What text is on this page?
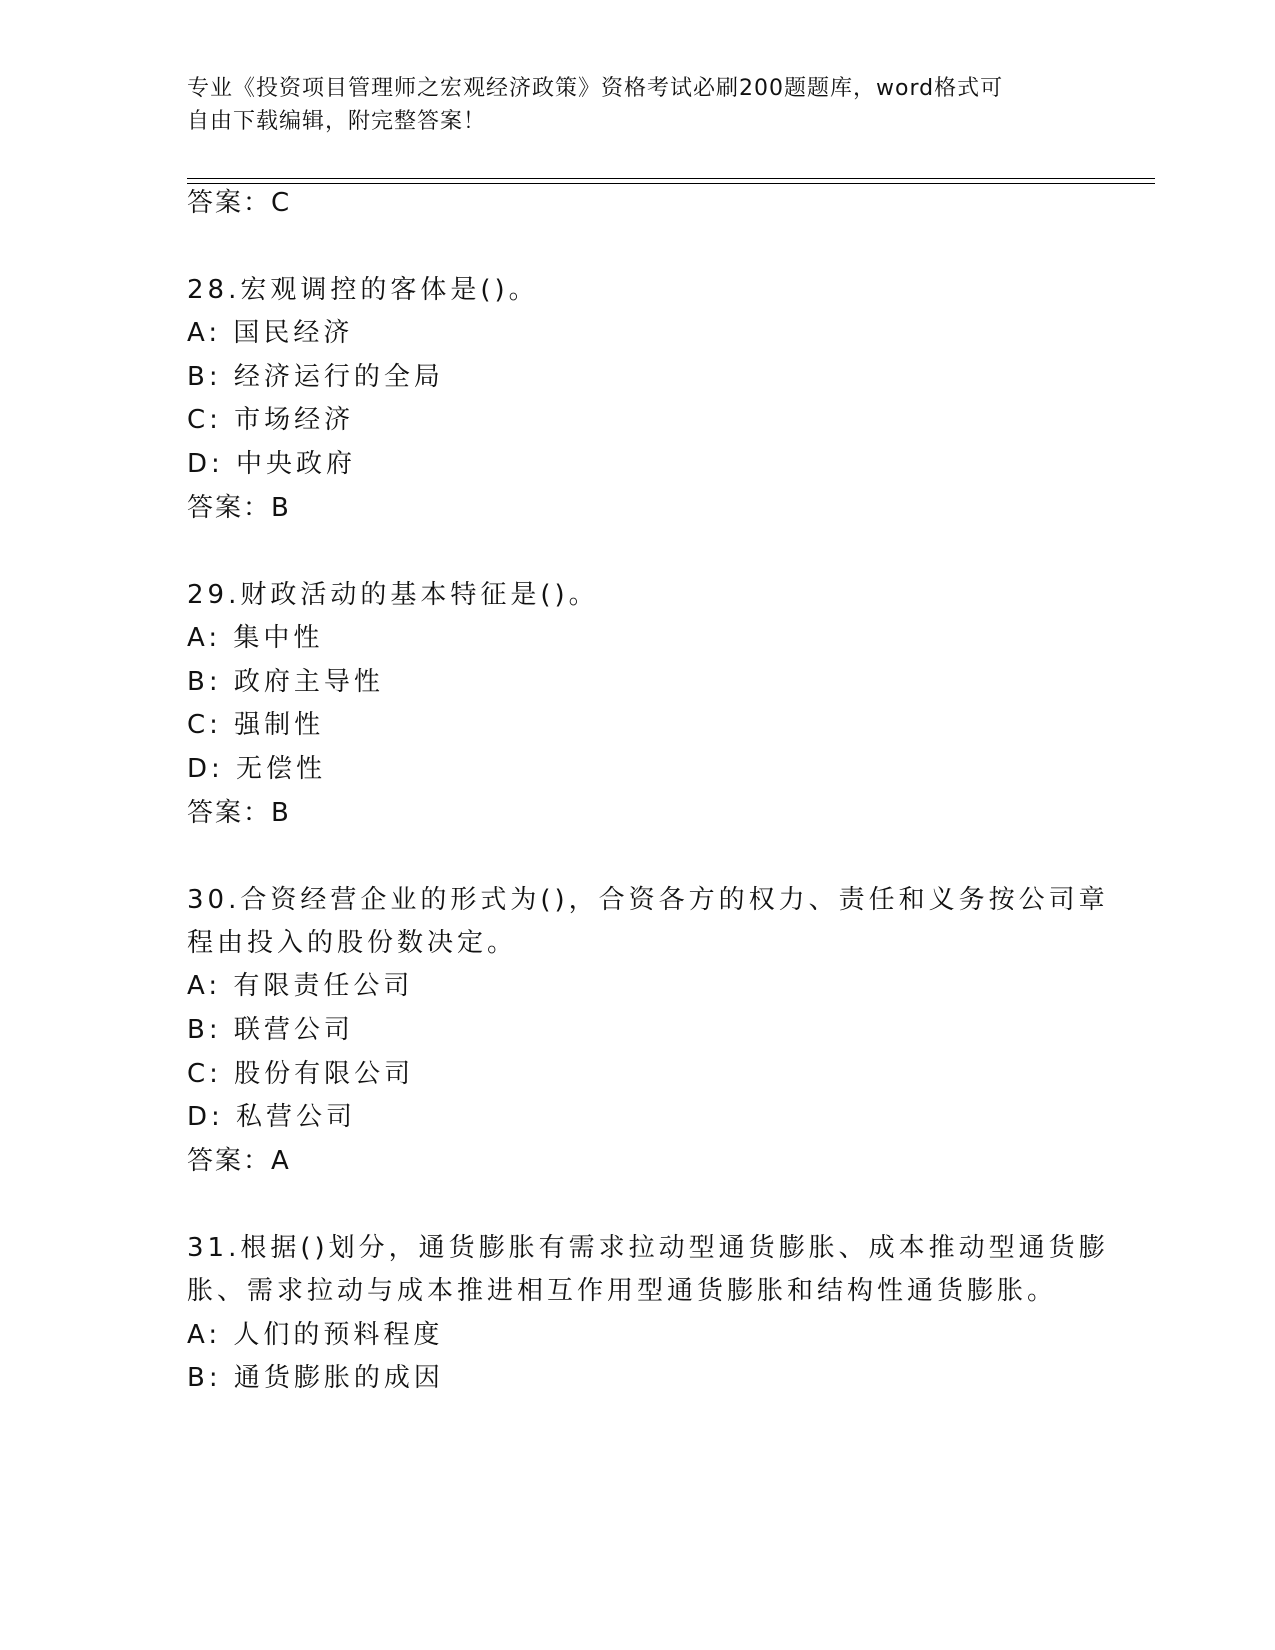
专业《投资项目管理师之宏观经济政策》资格考试必刷200题题库，word格式可
自由下载编辑，附完整答案！
答案：C
28.宏观调控的客体是()。
A: 国民经济
B: 经济运行的全局
C: 市场经济
D: 中央政府
答案：B
29.财政活动的基本特征是()。
A: 集中性
B: 政府主导性
C: 强制性
D: 无偿性
答案：B
30.合资经营企业的形式为()，合资各方的权力、责任和义务按公司章
程由投入的股份数决定。
A: 有限责任公司
B: 联营公司
C: 股份有限公司
D: 私营公司
答案：A
31.根据()划分，通货膨胀有需求拉动型通货膨胀、成本推动型通货膨
胀、需求拉动与成本推进相互作用型通货膨胀和结构性通货膨胀。
A: 人们的预料程度
B: 通货膨胀的成因
